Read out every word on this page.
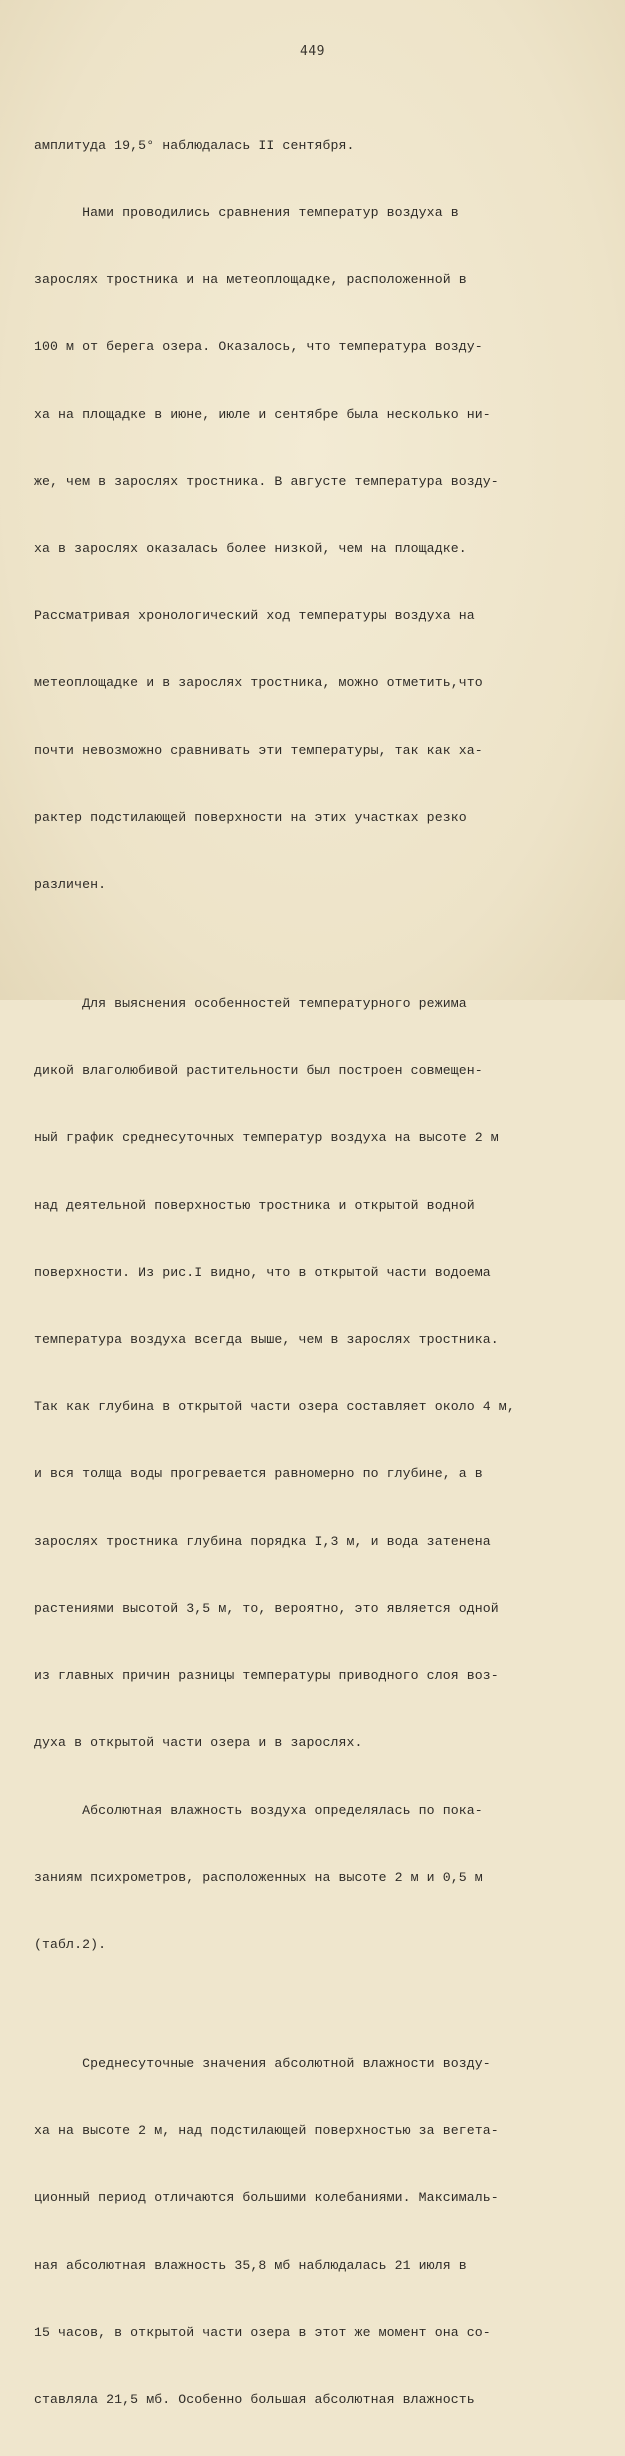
449

амплитуда 19,5° наблюдалась II сентября.

Нами проводились сравнения температур воздуха в

зарослях тростника и на метеоплощадке, расположенной в

100 м от берега озера. Оказалось, что температура возду-

ха на площадке в июне, июле и сентябре была несколько ни-

же, чем в зарослях тростника. В августе температура возду-

ха в зарослях оказалась более низкой, чем на площадке.

Рассматривая хронологический ход температуры воздуха на

метеоплощадке и в зарослях тростника, можно отметить,что

почти невозможно сравнивать эти температуры, так как ха-

рактер подстилающей поверхности на этих участках резко

различен.

Для выяснения особенностей температурного режима

дикой влаголюбивой растительности был построен совмещен-

ный график среднесуточных температур воздуха на высоте 2 м

над деятельной поверхностью тростника и открытой водной

поверхности. Из рис.I видно, что в открытой части водоема

температура воздуха всегда выше, чем в зарослях тростника.

Так как глубина в открытой части озера составляет около 4 м,

и вся толща воды прогревается равномерно по глубине, а в

зарослях тростника глубина порядка I,3 м, и вода затенена

растениями высотой 3,5 м, то, вероятно, это является одной

из главных причин разницы температуры приводного слоя воз-

духа в открытой части озера и в зарослях.

Абсолютная влажность воздуха определялась по пока-

заниям психрометров, расположенных на высоте 2 м и 0,5 м

(табл.2).

Среднесуточные значения абсолютной влажности возду-

ха на высоте 2 м, над подстилающей поверхностью за вегета-

ционный период отличаются большими колебаниями. Максималь-

ная абсолютная влажность 35,8 мб наблюдалась 21 июля в

15 часов, в открытой части озера в этот же момент она со-

ставляла 21,5 мб. Особенно большая абсолютная влажность
